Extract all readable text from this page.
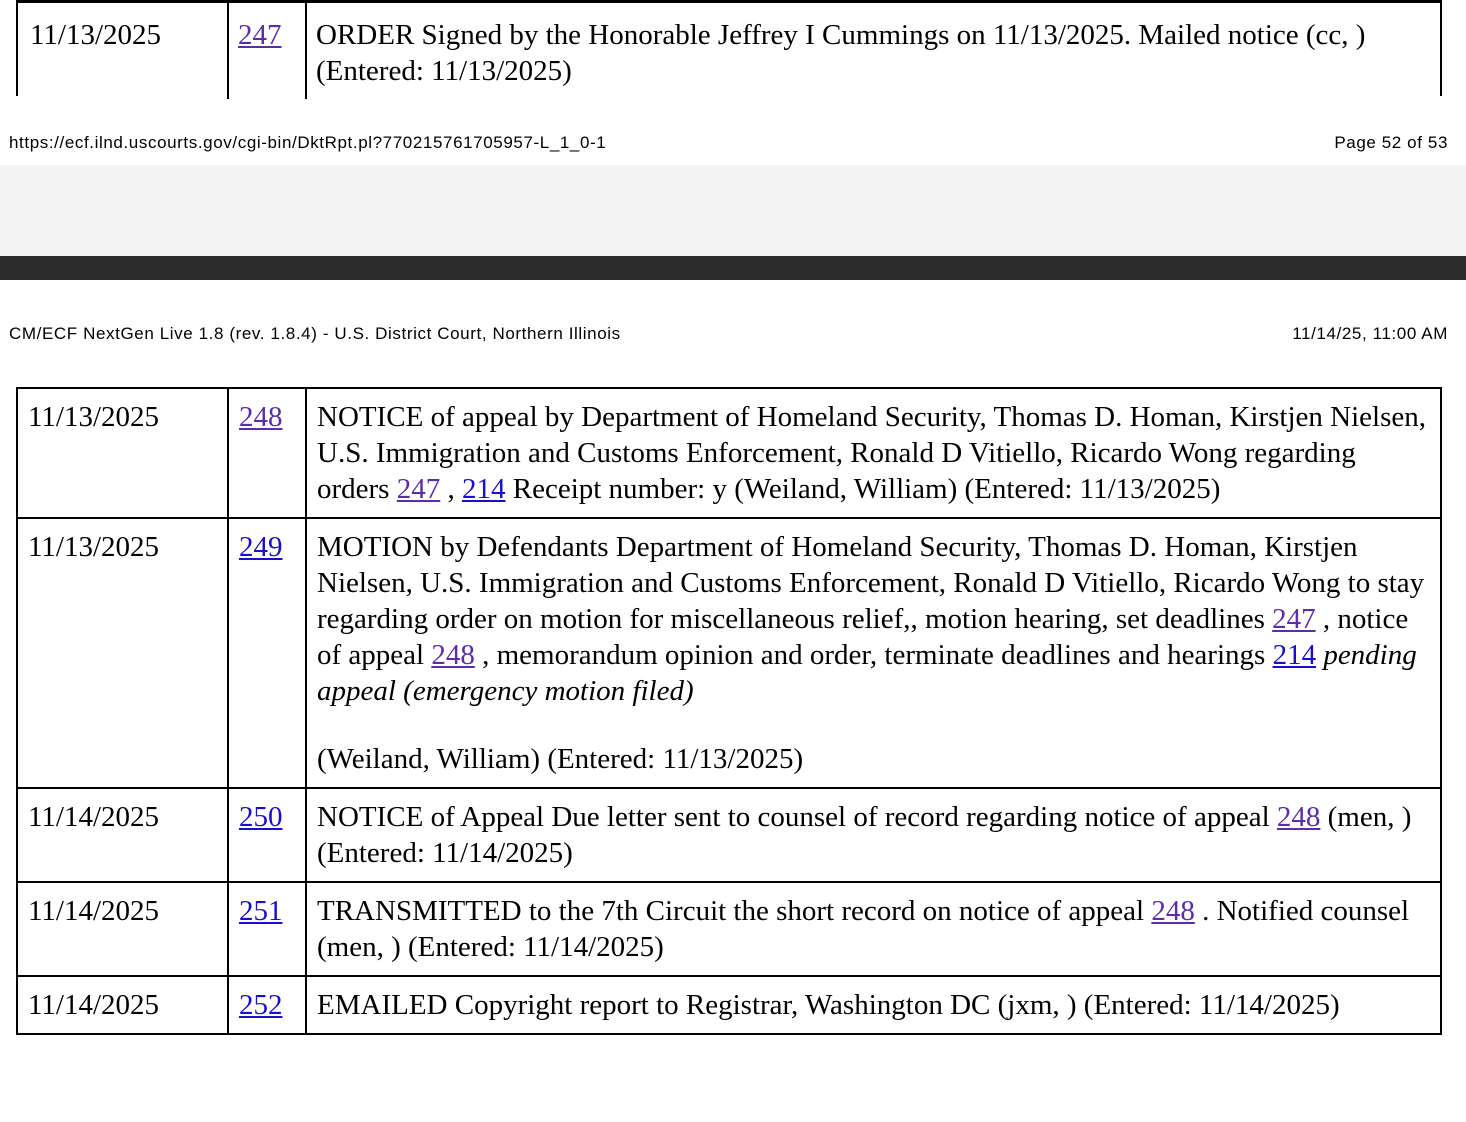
11/13/2025	247 ORDER Signed by the Honorable Jeffrey I Cummings on 11/13/2025. Mailed notice (cc, ) (Entered: 11/13/2025)
https://ecf.ilnd.uscourts.gov/cgi-bin/DktRpt.pl?770215761705957-L_1_0-1	Page 52 of 53
CM/ECF NextGen Live 1.8 (rev. 1.8.4) - U.S. District Court, Northern Illinois	11/14/25, 11:00 AM
11/13/2025	248	NOTICE of appeal by Department of Homeland Security, Thomas D. Homan, Kirstjen Nielsen, U.S. Immigration and Customs Enforcement, Ronald D Vitiello, Ricardo Wong regarding orders 247 , 214 Receipt number: y (Weiland, William) (Entered: 11/13/2025)
11/13/2025	249	MOTION by Defendants Department of Homeland Security, Thomas D. Homan, Kirstjen Nielsen, U.S. Immigration and Customs Enforcement, Ronald D Vitiello, Ricardo Wong to stay regarding order on motion for miscellaneous relief,, motion hearing, set deadlines 247 , notice of appeal 248 , memorandum opinion and order, terminate deadlines and hearings 214 pending appeal (emergency motion filed)
(Weiland, William) (Entered: 11/13/2025)
11/14/2025	250	NOTICE of Appeal Due letter sent to counsel of record regarding notice of appeal 248 (men, ) (Entered: 11/14/2025)
11/14/2025	251	TRANSMITTED to the 7th Circuit the short record on notice of appeal 248 . Notified counsel (men, ) (Entered: 11/14/2025)
11/14/2025	252	EMAILED Copyright report to Registrar, Washington DC (jxm, ) (Entered: 11/14/2025)
